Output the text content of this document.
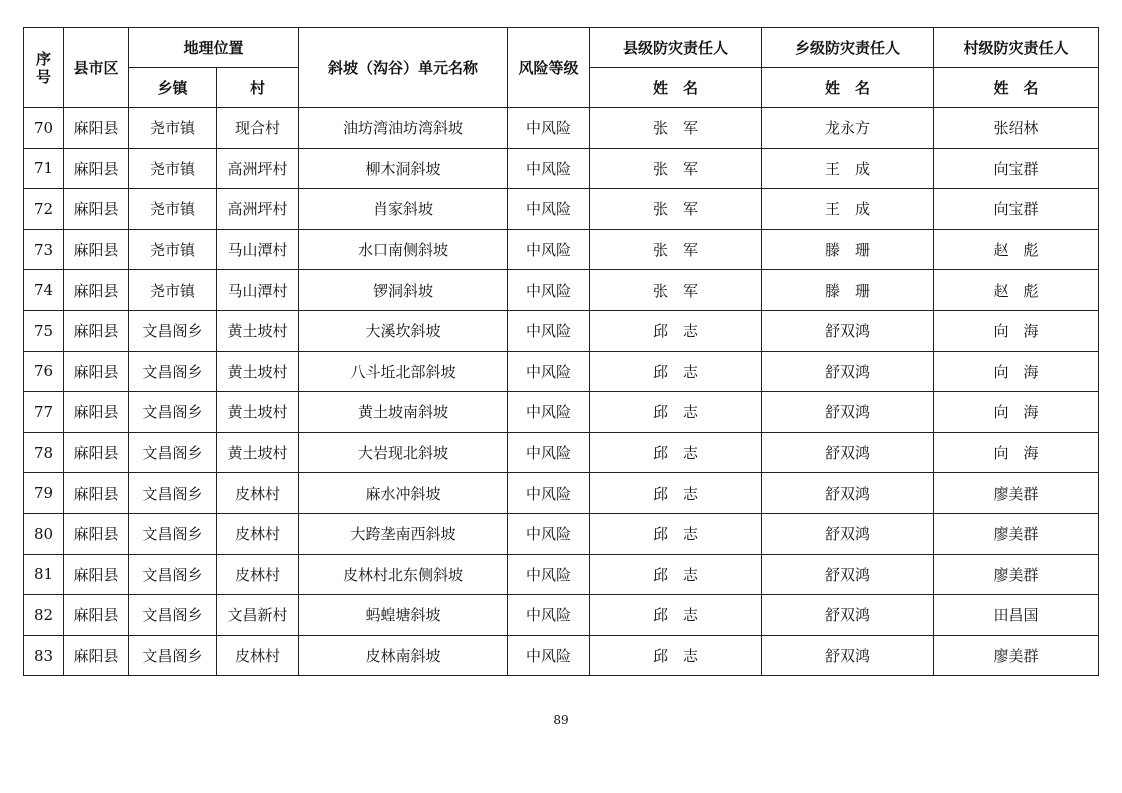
序
号	县市区	地理位置		斜坡（沟谷）单元名称	风险等级	县级防灾责任人	乡级防灾责任人	村级防灾责任人
		乡镇	村			姓　名	姓　名	姓　名
70	麻阳县	尧市镇	现合村	油坊湾油坊湾斜坡	中风险	张　军	龙永方	张绍林
71	麻阳县	尧市镇	高洲坪村	柳木洞斜坡	中风险	张　军	王　成	向宝群
72	麻阳县	尧市镇	高洲坪村	肖家斜坡	中风险	张　军	王　成	向宝群
73	麻阳县	尧市镇	马山潭村	水口南侧斜坡	中风险	张　军	滕　珊	赵　彪
74	麻阳县	尧市镇	马山潭村	锣洞斜坡	中风险	张　军	滕　珊	赵　彪
75	麻阳县	文昌阁乡	黄土坡村	大溪坎斜坡	中风险	邱　志	舒双鸿	向　海
76	麻阳县	文昌阁乡	黄土坡村	八斗坵北部斜坡	中风险	邱　志	舒双鸿	向　海
77	麻阳县	文昌阁乡	黄土坡村	黄土坡南斜坡	中风险	邱　志	舒双鸿	向　海
78	麻阳县	文昌阁乡	黄土坡村	大岩现北斜坡	中风险	邱　志	舒双鸿	向　海
79	麻阳县	文昌阁乡	皮林村	麻水冲斜坡	中风险	邱　志	舒双鸿	廖美群
80	麻阳县	文昌阁乡	皮林村	大跨垄南西斜坡	中风险	邱　志	舒双鸿	廖美群
81	麻阳县	文昌阁乡	皮林村	皮林村北东侧斜坡	中风险	邱　志	舒双鸿	廖美群
82	麻阳县	文昌阁乡	文昌新村	蚂蝗塘斜坡	中风险	邱　志	舒双鸿	田昌国
83	麻阳县	文昌阁乡	皮林村	皮林南斜坡	中风险	邱　志	舒双鸿	廖美群
89
